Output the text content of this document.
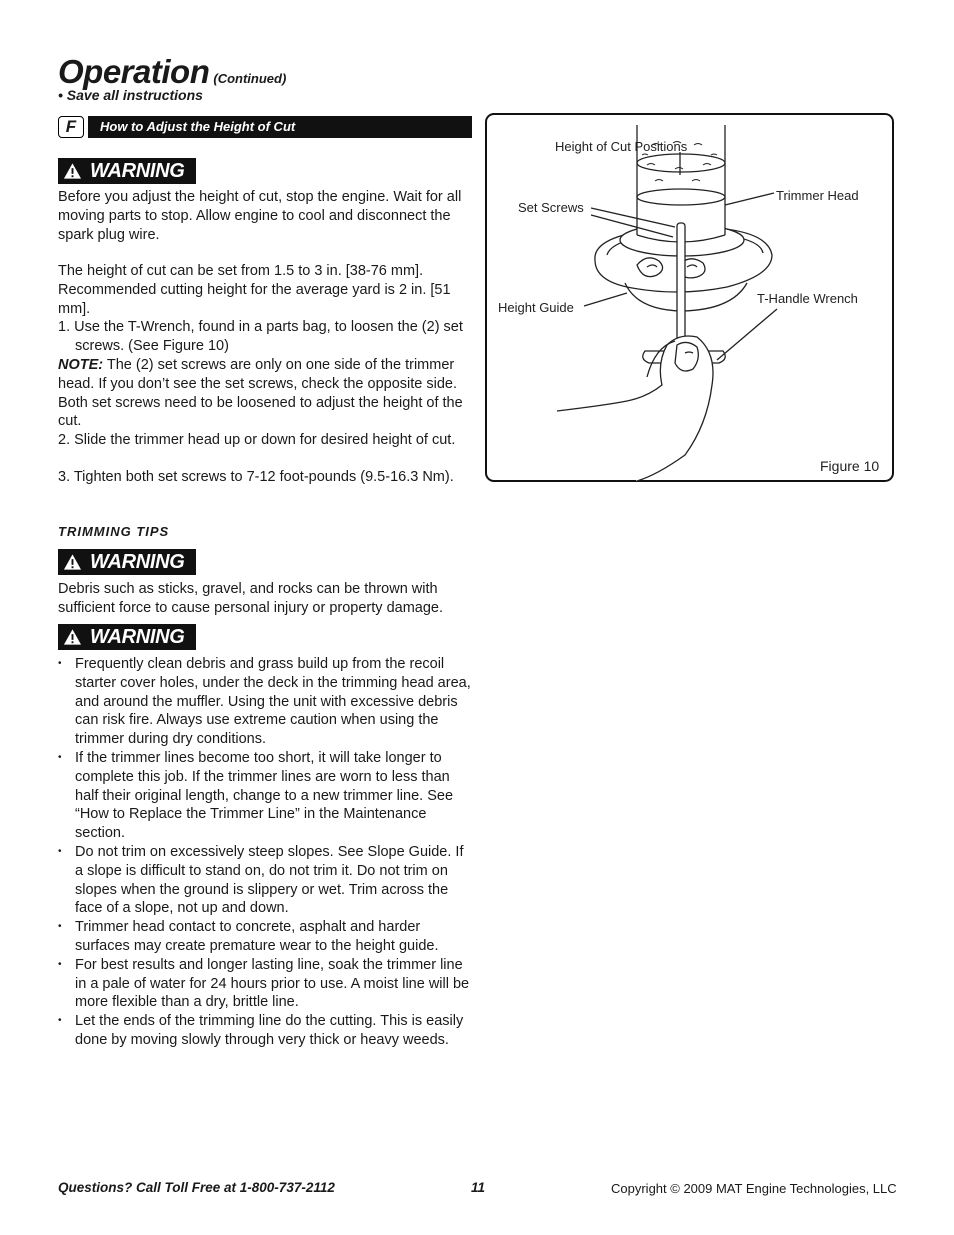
Operation (Continued)
• Save all instructions
F	How to Adjust the Height of Cut
WARNING
Before you adjust the height of cut, stop the engine. Wait for all moving parts to stop. Allow engine to cool and disconnect the spark plug wire.
The height of cut can be set from 1.5 to 3 in. [38-76 mm]. Recommended cutting height for the average yard is 2 in. [51 mm].
1. Use the T-Wrench, found in a parts bag, to loosen the (2) set screws. (See Figure 10)
NOTE: The (2) set screws are only on one side of the trimmer head. If you don’t see the set screws, check the opposite side. Both set screws need to be loosened to adjust the height of the cut.
2. Slide the trimmer head up or down for desired height of cut.
3. Tighten both set screws to 7-12 foot-pounds (9.5-16.3 Nm).
TRIMMING TIPS
WARNING
Debris such as sticks, gravel, and rocks can be thrown with sufficient force to cause personal injury or property damage.
WARNING
• Frequently clean debris and grass build up from the recoil starter cover holes, under the deck in the trimming head area, and around the muffler. Using the unit with excessive debris can risk fire. Always use extreme caution when using the trimmer during dry conditions.
• If the trimmer lines become too short, it will take longer to complete this job. If the trimmer lines are worn to less than half their original length, change to a new trimmer line. See “How to Replace the Trimmer Line” in the Maintenance section.
• Do not trim on excessively steep slopes. See Slope Guide. If a slope is difficult to stand on, do not trim it. Do not trim on slopes when the ground is slippery or wet. Trim across the face of a slope, not up and down.
• Trimmer head contact to concrete, asphalt and harder surfaces may create premature wear to the height guide.
• For best results and longer lasting line, soak the trimmer line in a pale of water for 24 hours prior to use. A moist line will be more flexible than a dry, brittle line.
• Let the ends of the trimming line do the cutting. This is easily done by moving slowly through very thick or heavy weeds.
Height of Cut Positions
Trimmer Head
Set Screws
Height Guide
T-Handle Wrench
Figure 10
Questions? Call Toll Free at 1-800-737-2112	11	Copyright © 2009 MAT Engine Technologies, LLC
